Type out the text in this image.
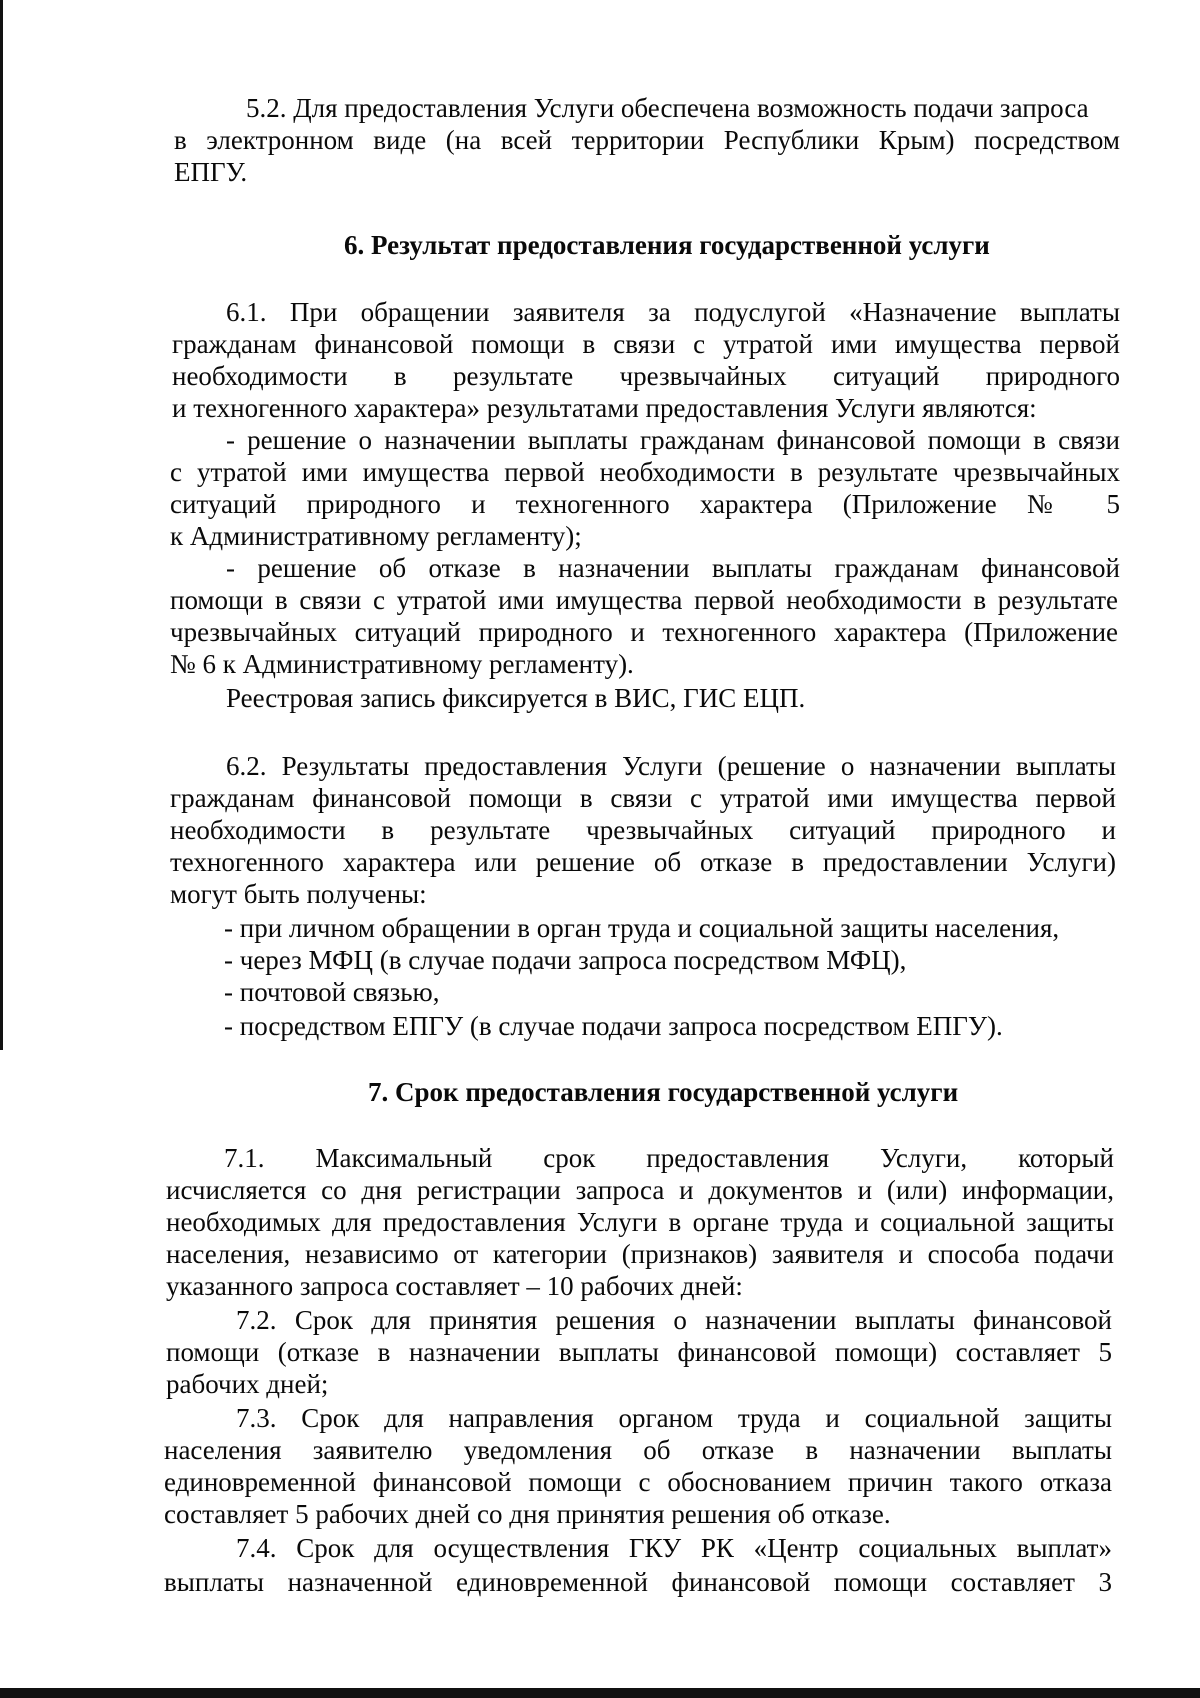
5.2. Для предоставления Услуги обеспечена возможность подачи запроса
в электронном виде (на всей территории Республики Крым) посредством
ЕПГУ.
6. Результат предоставления государственной услуги
6.1. При обращении заявителя за подуслугой «Назначение выплаты
гражданам финансовой помощи в связи с утратой ими имущества первой
необходимости в результате чрезвычайных ситуаций природного
и техногенного характера» результатами предоставления Услуги являются:
- решение о назначении выплаты гражданам финансовой помощи в связи
с утратой ими имущества первой необходимости в результате чрезвычайных
ситуаций природного и техногенного характера (Приложение № 5
к Административному регламенту);
- решение об отказе в назначении выплаты гражданам финансовой
помощи в связи с утратой ими имущества первой необходимости в результате
чрезвычайных ситуаций природного и техногенного характера (Приложение
№ 6 к Административному регламенту).
Реестровая запись фиксируется в ВИС, ГИС ЕЦП.
6.2. Результаты предоставления Услуги (решение о назначении выплаты
гражданам финансовой помощи в связи с утратой ими имущества первой
необходимости в результате чрезвычайных ситуаций природного и
техногенного характера или решение об отказе в предоставлении Услуги)
могут быть получены:
- при личном обращении в орган труда и социальной защиты населения,
- через МФЦ (в случае подачи запроса посредством МФЦ),
- почтовой связью,
- посредством ЕПГУ (в случае подачи запроса посредством ЕПГУ).
7. Срок предоставления государственной услуги
7.1. Максимальный срок предоставления Услуги, который
исчисляется со дня регистрации запроса и документов и (или) информации,
необходимых для предоставления Услуги в органе труда и социальной защиты
населения, независимо от категории (признаков) заявителя и способа подачи
указанного запроса составляет – 10 рабочих дней:
7.2. Срок для принятия решения о назначении выплаты финансовой
помощи (отказе в назначении выплаты финансовой помощи) составляет 5
рабочих дней;
7.3. Срок для направления органом труда и социальной защиты
населения заявителю уведомления об отказе в назначении выплаты
единовременной финансовой помощи с обоснованием причин такого отказа
составляет 5 рабочих дней со дня принятия решения об отказе.
7.4. Срок для осуществления ГКУ РК «Центр социальных выплат»
выплаты назначенной единовременной финансовой помощи составляет 3
